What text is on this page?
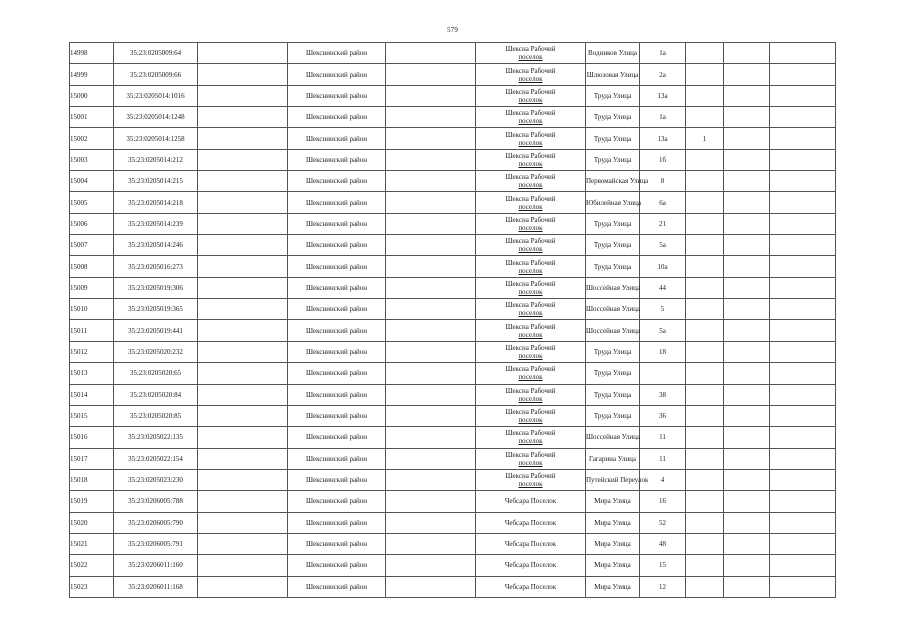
579
14998	35:23:0205009:64		Шекснинский район		Шексна Рабочий
поселок	Водников Улица	1а			
14999	35:23:0205009:66		Шекснинский район		Шексна Рабочий
поселок	Шлюзовая Улица	2а			
15000	35:23:0205014:1016		Шекснинский район		Шексна Рабочий
поселок	Труда Улица	13а			
15001	35:23:0205014:1248		Шекснинский район		Шексна Рабочий
поселок	Труда Улица	1а			
15002	35:23:0205014:1258		Шекснинский район		Шексна Рабочий
поселок	Труда Улица	13а	1		
15003	35:23:0205014:212		Шекснинский район		Шексна Рабочий
поселок	Труда Улица	1б			
15004	35:23:0205014:215		Шекснинский район		Шексна Рабочий
поселок	Первомайская Улица	8			
15005	35:23:0205014:218		Шекснинский район		Шексна Рабочий
поселок	Юбилейная Улица	6а			
15006	35:23:0205014:239		Шекснинский район		Шексна Рабочий
поселок	Труда Улица	21			
15007	35:23:0205014:246		Шекснинский район		Шексна Рабочий
поселок	Труда Улица	5а			
15008	35:23:0205016:273		Шекснинский район		Шексна Рабочий
поселок	Труда Улица	10а			
15009	35:23:0205019:306		Шекснинский район		Шексна Рабочий
поселок	Шоссейная Улица	44			
15010	35:23:0205019:365		Шекснинский район		Шексна Рабочий
поселок	Шоссейная Улица	5			
15011	35:23:0205019:441		Шекснинский район		Шексна Рабочий
поселок	Шоссейная Улица	5а			
15012	35:23:0205020:232		Шекснинский район		Шексна Рабочий
поселок	Труда Улица	18			
15013	35:23:0205020:65		Шекснинский район		Шексна Рабочий
поселок	Труда Улица				
15014	35:23:0205020:84		Шекснинский район		Шексна Рабочий
поселок	Труда Улица	38			
15015	35:23:0205020:85		Шекснинский район		Шексна Рабочий
поселок	Труда Улица	36			
15016	35:23:0205022:135		Шекснинский район		Шексна Рабочий
поселок	Шоссейная Улица	11			
15017	35:23:0205022:154		Шекснинский район		Шексна Рабочий
поселок	Гагарина Улица	11			
15018	35:23:0205023:230		Шекснинский район		Шексна Рабочий
поселок	Путейский Переулок	4			
15019	35:23:0206005:788		Шекснинский район		Чебсара Поселок	Мира Улица	16			
15020	35:23:0206005:790		Шекснинский район		Чебсара Поселок	Мира Улица	52			
15021	35:23:0206005:791		Шекснинский район		Чебсара Поселок	Мира Улица	48			
15022	35:23:0206011:160		Шекснинский район		Чебсара Поселок	Мира Улица	15			
15023	35:23:0206011:168		Шекснинский район		Чебсара Поселок	Мира Улица	12			
